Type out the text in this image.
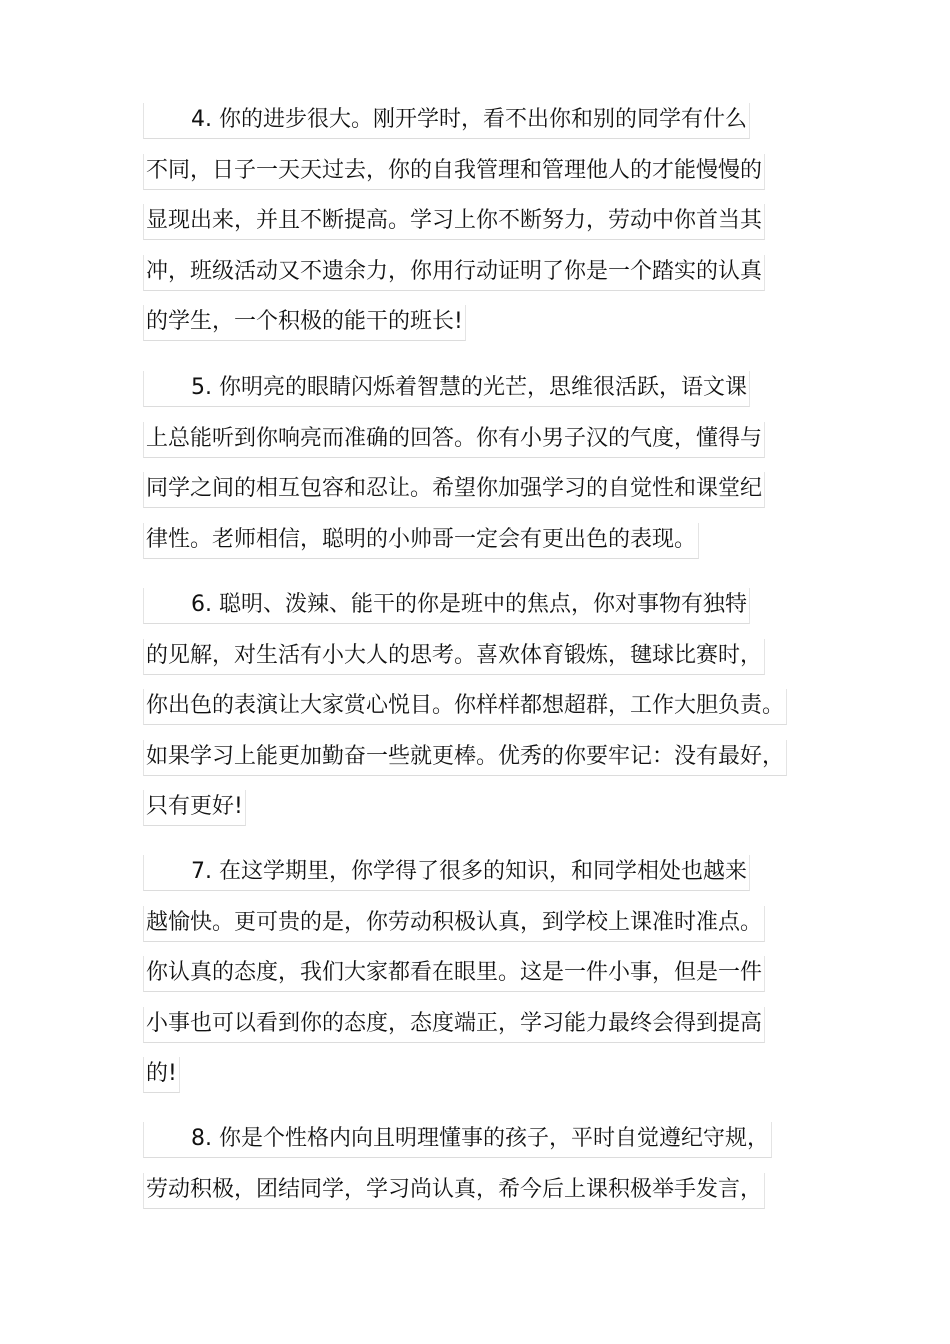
4. 你的进步很大。刚开学时，看不出你和别的同学有什么
不同，日子一天天过去，你的自我管理和管理他人的才能慢慢的
显现出来，并且不断提高。学习上你不断努力，劳动中你首当其
冲，班级活动又不遗余力，你用行动证明了你是一个踏实的认真
的学生，一个积极的能干的班长!
5. 你明亮的眼睛闪烁着智慧的光芒，思维很活跃，语文课
上总能听到你响亮而准确的回答。你有小男子汉的气度，懂得与
同学之间的相互包容和忍让。希望你加强学习的自觉性和课堂纪
律性。老师相信，聪明的小帅哥一定会有更出色的表现。
6. 聪明、泼辣、能干的你是班中的焦点，你对事物有独特
的见解，对生活有小大人的思考。喜欢体育锻炼，毽球比赛时，
你出色的表演让大家赏心悦目。你样样都想超群，工作大胆负责。
如果学习上能更加勤奋一些就更棒。优秀的你要牢记：没有最好，
只有更好!
7. 在这学期里，你学得了很多的知识，和同学相处也越来
越愉快。更可贵的是，你劳动积极认真，到学校上课准时准点。
你认真的态度，我们大家都看在眼里。这是一件小事，但是一件
小事也可以看到你的态度，态度端正，学习能力最终会得到提高
的!
8. 你是个性格内向且明理懂事的孩子，平时自觉遵纪守规，
劳动积极，团结同学，学习尚认真，希今后上课积极举手发言，
